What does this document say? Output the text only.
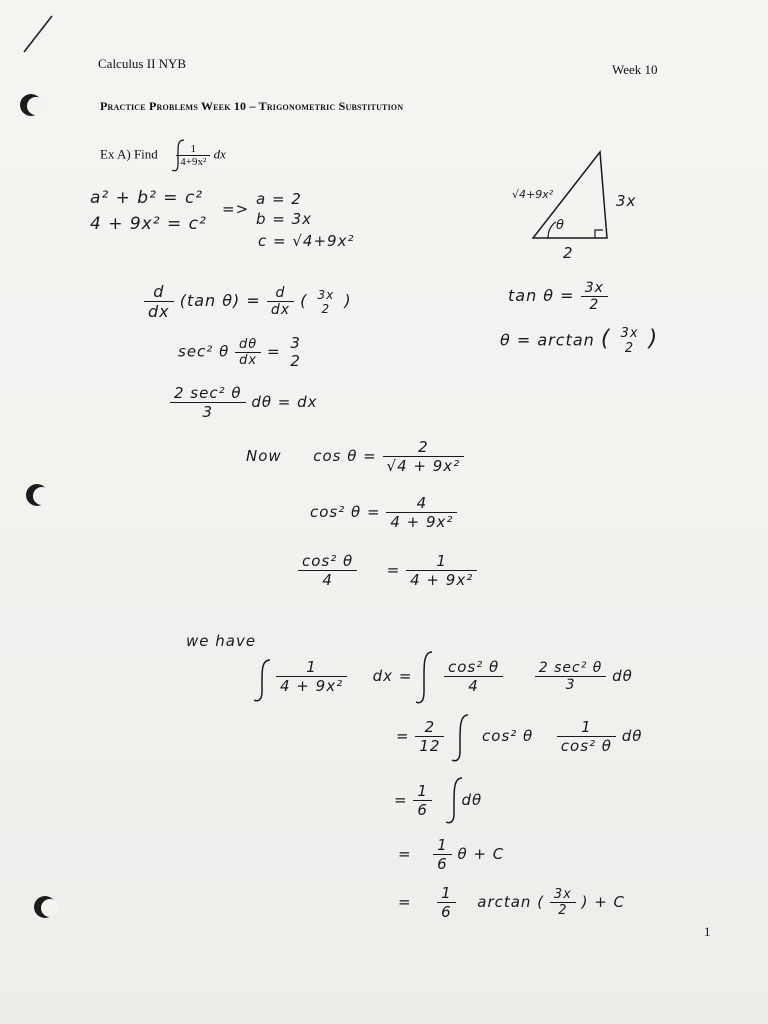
Calculus II NYB	Week 10
Practice Problems Week 10 – Trigonometric Substitution
1
Ex A) Find $\frac{1}{\text{4+9x²}}$ dx
a² + b² = c²
4 + 9x² = c²
=>
a = 2
b = 3x
c = √4+9x²
√4+9x²	3x
2
θ
$\tan \theta = \frac{3x}{2}$
θ = arctan ( 3x
2 )
$\frac{d}{dx} (\tan$ $\theta) = \frac{d}{dx}$ ( 3x
2 )
sec² θ $\frac{d\theta}{dx} = 3$
2
$\frac{\text{2 sec² θ}}{3}$ dθ = dx
Now $\cos \theta = \frac{2}{\text{√4 + 9x²}}$
cos² $\theta = \frac{4}{\text{4 + 9x²}}$
$\frac{\text{cos² θ}}{4} = \frac{1}{\text{4 + 9x²}}$
we have
$\frac{1}{\text{4 + 9x²}}$ dx = $\frac{\text{cos² θ}}{4}$
$\frac{\text{2 sec² θ}}{3}$ dθ
= $\frac{2}{12}$	cos² θ $\frac{1}{\text{cos² θ}}$ dθ
= $\frac{1}{6}$ dθ
= $\frac{1}{6}$ θ + C
= $\frac{1}{6}$ arctan ( $\frac{3x}{2}$ ) + C
